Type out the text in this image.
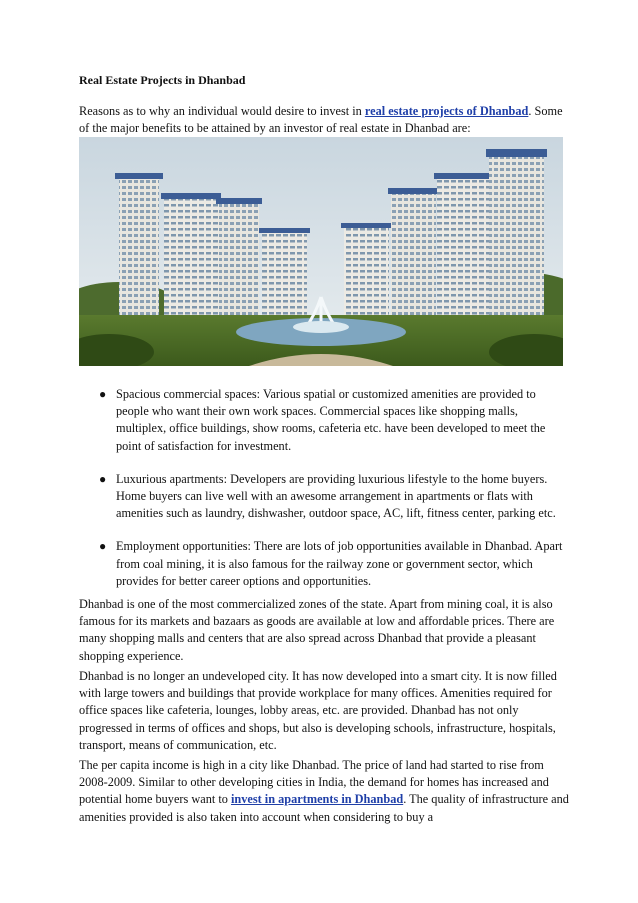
Real Estate Projects in Dhanbad
Reasons as to why an individual would desire to invest in real estate projects of Dhanbad. Some of the major benefits to be attained by an investor of real estate in Dhanbad are:
● Spacious commercial spaces: Various spatial or customized amenities are provided to people who want their own work spaces. Commercial spaces like shopping malls, multiplex, office buildings, show rooms, cafeteria etc. have been developed to meet the point of satisfaction for investment.
● Luxurious apartments: Developers are providing luxurious lifestyle to the home buyers. Home buyers can live well with an awesome arrangement in apartments or flats with amenities such as laundry, dishwasher, outdoor space, AC, lift, fitness center, parking etc.
● Employment opportunities: There are lots of job opportunities available in Dhanbad. Apart from coal mining, it is also famous for the railway zone or government sector, which provides for better career options and opportunities.

Dhanbad is one of the most commercialized zones of the state. Apart from mining coal, it is also famous for its markets and bazaars as goods are available at low and affordable prices. There are many shopping malls and centers that are also spread across Dhanbad that provide a pleasant shopping experience.

Dhanbad is no longer an undeveloped city. It has now developed into a smart city. It is now filled with large towers and buildings that provide workplace for many offices. Amenities required for office spaces like cafeteria, lounges, lobby areas, etc. are provided. Dhanbad has not only progressed in terms of offices and shops, but also is developing schools, infrastructure, hospitals, transport, means of communication, etc.

The per capita income is high in a city like Dhanbad. The price of land had started to rise from 2008-2009. Similar to other developing cities in India, the demand for homes has increased and potential home buyers want to invest in apartments in Dhanbad. The quality of infrastructure and amenities provided is also taken into account when considering to buy a
